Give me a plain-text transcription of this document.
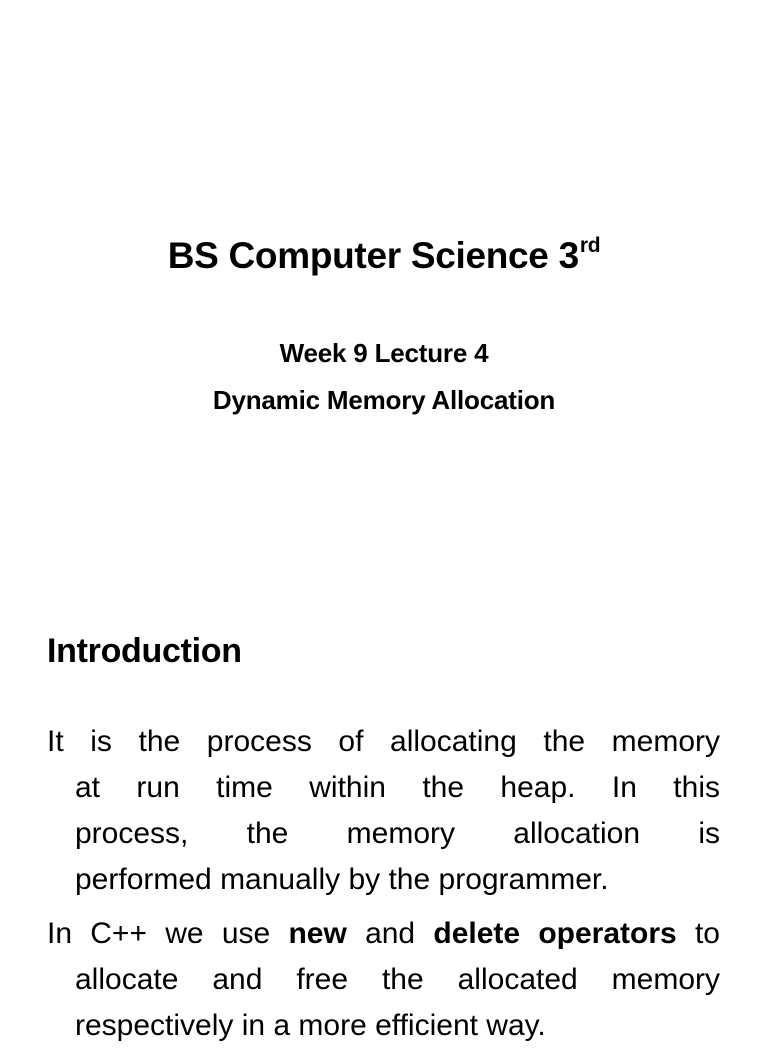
BS Computer Science 3rd
Week 9 Lecture 4
Dynamic Memory Allocation
Introduction
It is the process of allocating the memory
at run time within the heap. In this
process, the memory allocation is
performed manually by the programmer.
In C++ we use new and delete operators to
allocate and free the allocated memory
respectively in a more efficient way.
